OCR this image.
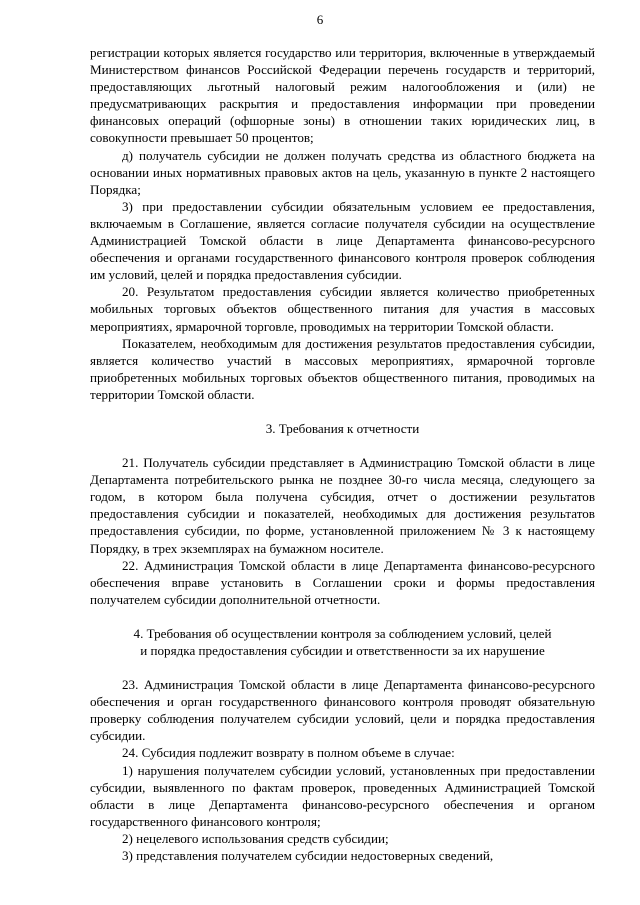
6

регистрации которых является государство или территория, включенные в утверждаемый Министерством финансов Российской Федерации перечень государств и территорий, предоставляющих льготный налоговый режим налогообложения и (или) не предусматривающих раскрытия и предоставления информации при проведении финансовых операций (офшорные зоны) в отношении таких юридических лиц, в совокупности превышает 50 процентов;

д) получатель субсидии не должен получать средства из областного бюджета на основании иных нормативных правовых актов на цель, указанную в пункте 2 настоящего Порядка;

3) при предоставлении субсидии обязательным условием ее предоставления, включаемым в Соглашение, является согласие получателя субсидии на осуществление Администрацией Томской области в лице Департамента финансово-ресурсного обеспечения и органами государственного финансового контроля проверок соблюдения им условий, целей и порядка предоставления субсидии.

20. Результатом предоставления субсидии является количество приобретенных мобильных торговых объектов общественного питания для участия в массовых мероприятиях, ярмарочной торговле, проводимых на территории Томской области.

Показателем, необходимым для достижения результатов предоставления субсидии, является количество участий в массовых мероприятиях, ярмарочной торговле приобретенных мобильных торговых объектов общественного питания, проводимых на территории Томской области.

3. Требования к отчетности

21. Получатель субсидии представляет в Администрацию Томской области в лице Департамента потребительского рынка не позднее 30-го числа месяца, следующего за годом, в котором была получена субсидия, отчет о достижении результатов предоставления субсидии и показателей, необходимых для достижения результатов предоставления субсидии, по форме, установленной приложением № 3 к настоящему Порядку, в трех экземплярах на бумажном носителе.

22. Администрация Томской области в лице Департамента финансово-ресурсного обеспечения вправе установить в Соглашении сроки и формы предоставления получателем субсидии дополнительной отчетности.

4. Требования об осуществлении контроля за соблюдением условий, целей

и порядка предоставления субсидии и ответственности за их нарушение

23. Администрация Томской области в лице Департамента финансово-ресурсного обеспечения и орган государственного финансового контроля проводят обязательную проверку соблюдения получателем субсидии условий, цели и порядка предоставления субсидии.

24. Субсидия подлежит возврату в полном объеме в случае:

1) нарушения получателем субсидии условий, установленных при предоставлении субсидии, выявленного по фактам проверок, проведенных Администрацией Томской области в лице Департамента финансово-ресурсного обеспечения и органом государственного финансового контроля;

2) нецелевого использования средств субсидии;

3) представления получателем субсидии недостоверных сведений,
